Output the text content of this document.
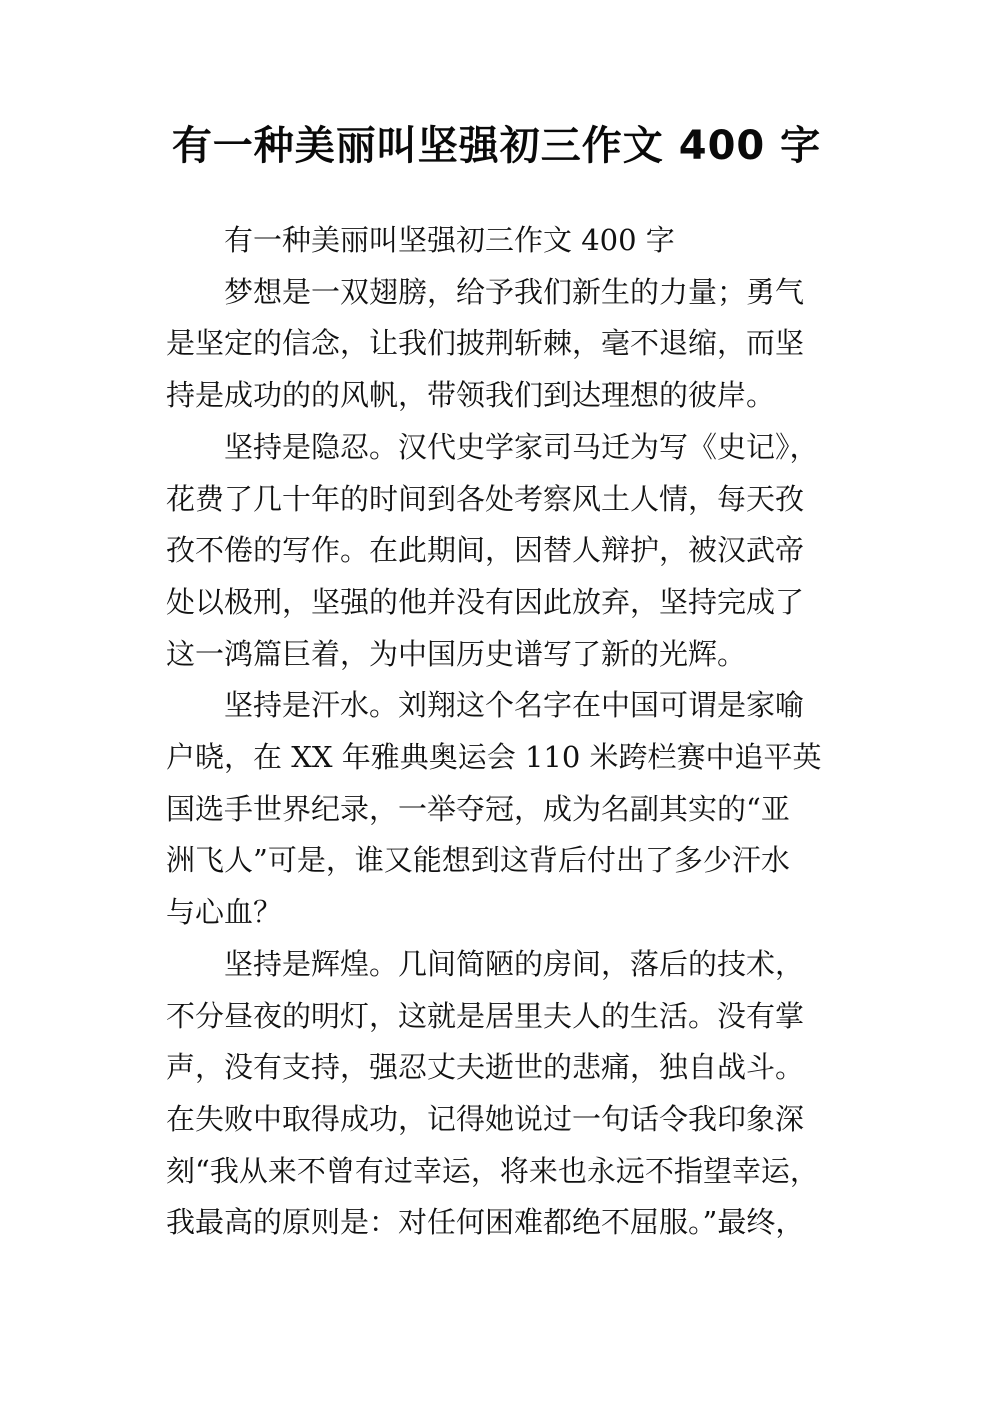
有一种美丽叫坚强初三作文 400 字

有一种美丽叫坚强初三作文 400 字

梦想是一双翅膀，给予我们新生的力量；勇气
是坚定的信念，让我们披荆斩棘，毫不退缩，而坚
持是成功的的风帆，带领我们到达理想的彼岸。

坚持是隐忍。汉代史学家司马迁为写《史记》，
花费了几十年的时间到各处考察风土人情，每天孜
孜不倦的写作。在此期间，因替人辩护，被汉武帝
处以极刑，坚强的他并没有因此放弃，坚持完成了
这一鸿篇巨着，为中国历史谱写了新的光辉。

坚持是汗水。刘翔这个名字在中国可谓是家喻
户晓，在 XX 年雅典奥运会 110 米跨栏赛中追平英
国选手世界纪录，一举夺冠，成为名副其实的“亚
洲飞人”可是，谁又能想到这背后付出了多少汗水
与心血？

坚持是辉煌。几间简陋的房间，落后的技术，
不分昼夜的明灯，这就是居里夫人的生活。没有掌
声，没有支持，强忍丈夫逝世的悲痛，独自战斗。
在失败中取得成功，记得她说过一句话令我印象深
刻“我从来不曾有过幸运，将来也永远不指望幸运，
我最高的原则是：对任何困难都绝不屈服。”最终，
